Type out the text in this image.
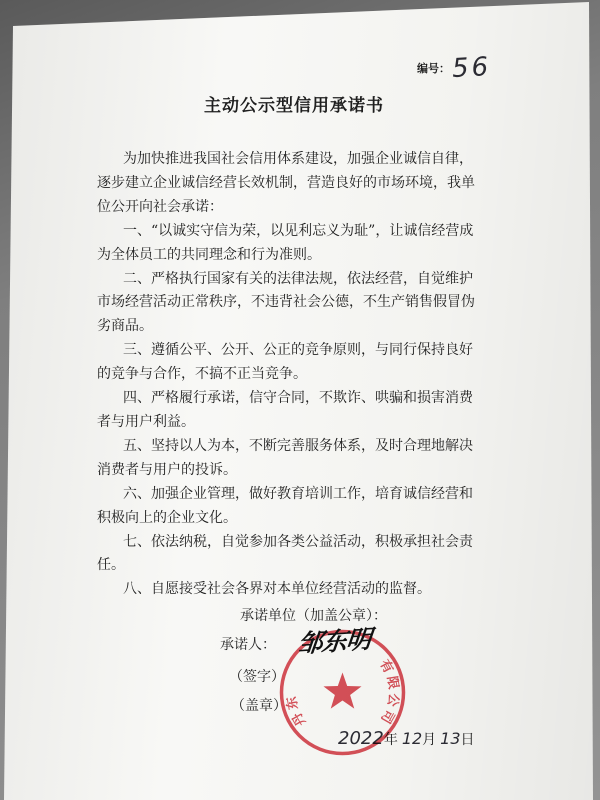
编号： 56
主动公示型信用承诺书
为加快推进我国社会信用体系建设，加强企业诚信自律，
逐步建立企业诚信经营长效机制，营造良好的市场环境，我单
位公开向社会承诺：
一、“以诚实守信为荣，以见利忘义为耻”，让诚信经营成
为全体员工的共同理念和行为准则。
二、严格执行国家有关的法律法规，依法经营，自觉维护
市场经营活动正常秩序，不违背社会公德，不生产销售假冒伪
劣商品。
三、遵循公平、公开、公正的竞争原则，与同行保持良好
的竞争与合作，不搞不正当竞争。
四、严格履行承诺，信守合同，不欺诈、哄骗和损害消费
者与用户利益。
五、坚持以人为本，不断完善服务体系，及时合理地解决
消费者与用户的投诉。
六、加强企业管理，做好教育培训工作，培育诚信经营和
积极向上的企业文化。
七、依法纳税，自觉参加各类公益活动，积极承担社会责
任。
八、自愿接受社会各界对本单位经营活动的监督。
承诺单位（加盖公章）：
承诺人：
（签字）
（盖章）
2022 年 12 月 13 日
丹东
有限公司
邹东明
